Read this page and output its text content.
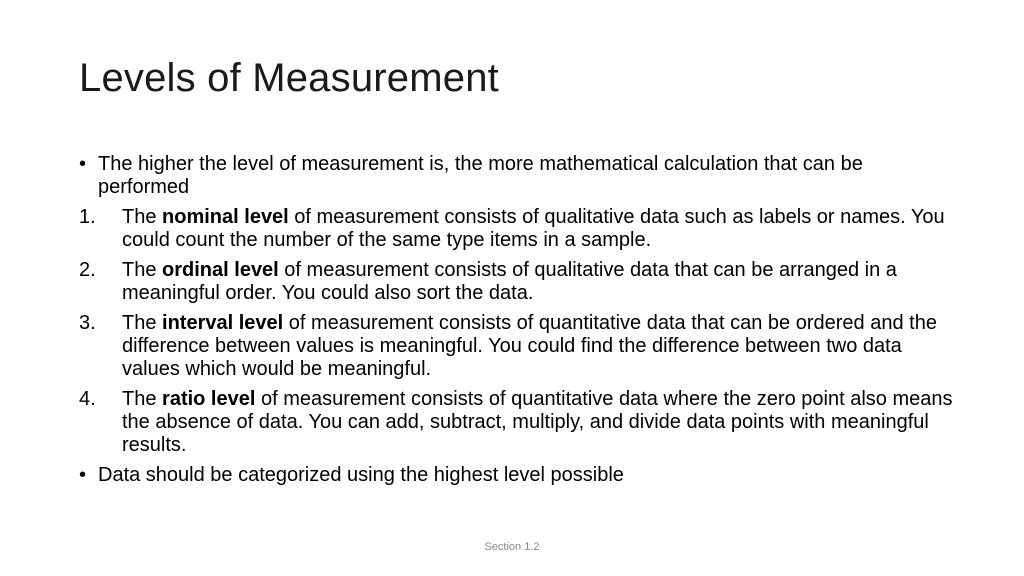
Levels of Measurement
• The higher the level of measurement is, the more mathematical calculation that can be performed
1. The nominal level of measurement consists of qualitative data such as labels or names. You could count the number of the same type items in a sample.
2. The ordinal level of measurement consists of qualitative data that can be arranged in a meaningful order. You could also sort the data.
3. The interval level of measurement consists of quantitative data that can be ordered and the difference between values is meaningful. You could find the difference between two data values which would be meaningful.
4. The ratio level of measurement consists of quantitative data where the zero point also means the absence of data. You can add, subtract, multiply, and divide data points with meaningful results.
• Data should be categorized using the highest level possible
Section 1.2
